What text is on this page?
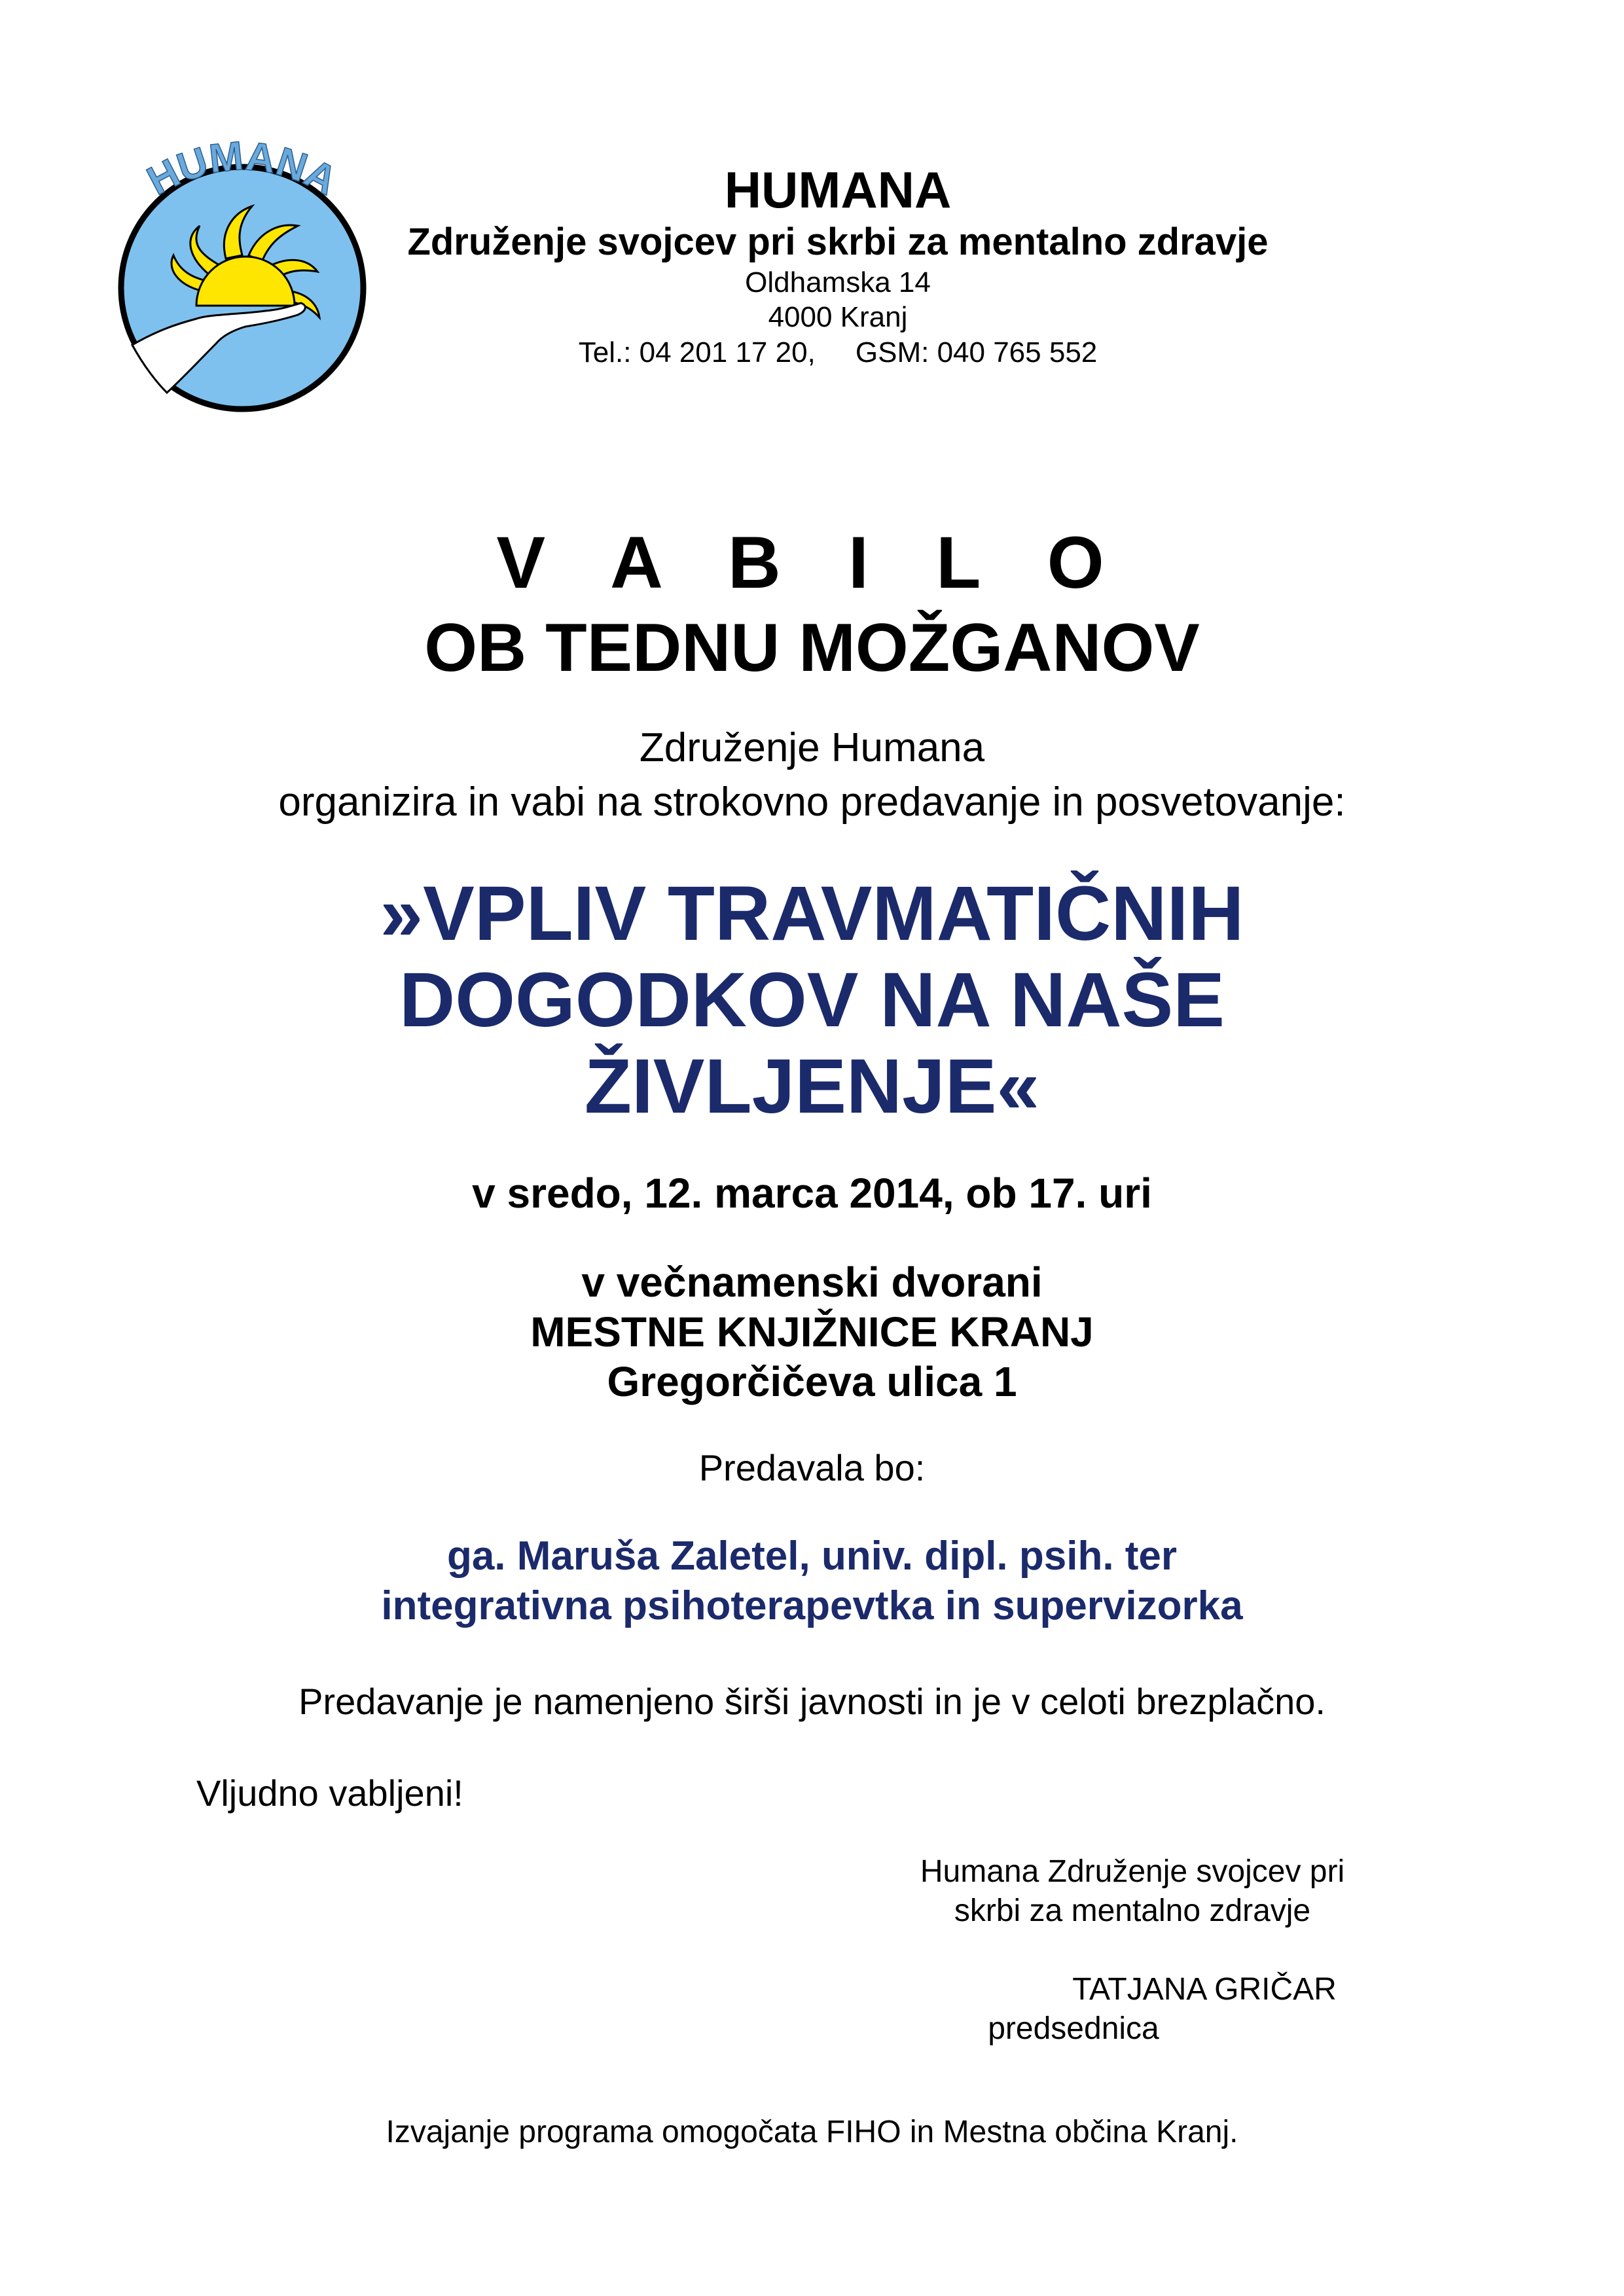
HUMANA	HUMANA
Združenje svojcev pri skrbi za mentalno zdravje
Oldhamska 14
4000 Kranj
Tel.: 04 201 17 20,     GSM: 040 765 552
V A B I L O
OB TEDNU MOŽGANOV
Združenje Humana
organizira in vabi na strokovno predavanje in posvetovanje:
»VPLIV TRAVMATIČNIH
DOGODKOV NA NAŠE
ŽIVLJENJE«
v sredo, 12. marca 2014, ob 17. uri
v večnamenski dvorani
MESTNE KNJIŽNICE KRANJ
Gregorčičeva ulica 1
Predavala bo:
ga. Maruša Zaletel, univ. dipl. psih. ter
integrativna psihoterapevtka in supervizorka
Predavanje je namenjeno širši javnosti in je v celoti brezplačno.
Vljudno vabljeni!
Humana Združenje svojcev pri
skrbi za mentalno zdravje
TATJANA GRIČAR
predsednica
Izvajanje programa omogočata FIHO in Mestna občina Kranj.
